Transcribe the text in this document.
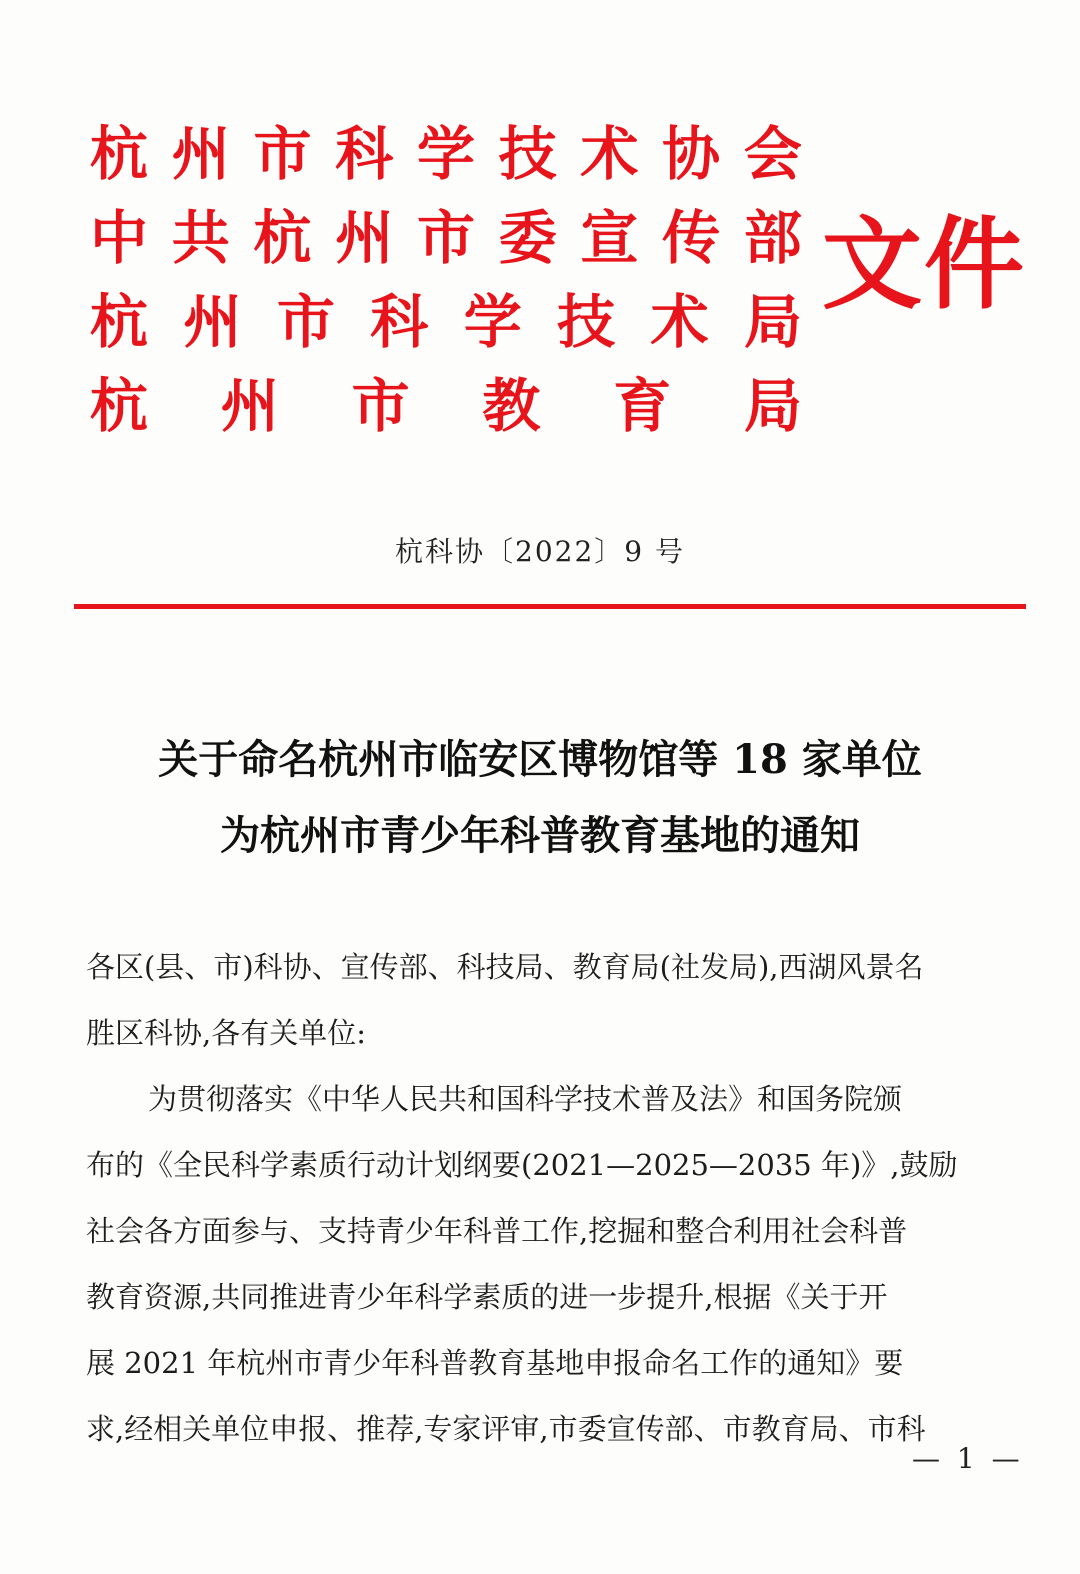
杭 州 市 科 学 技 术 协 会
中 共 杭 州 市 委 宣 传 部
杭 州 市 科 学 技 术 局
杭 州 市 教 育 局
文件
杭科协〔2022〕9 号
关于命名杭州市临安区博物馆等 18 家单位
为杭州市青少年科普教育基地的通知
各区(县、市)科协、宣传部、科技局、教育局(社发局),西湖风景名
胜区科协,各有关单位:
为贯彻落实《中华人民共和国科学技术普及法》和国务院颁
布的《全民科学素质行动计划纲要(2021—2025—2035 年)》,鼓励
社会各方面参与、支持青少年科普工作,挖掘和整合利用社会科普
教育资源,共同推进青少年科学素质的进一步提升,根据《关于开
展 2021 年杭州市青少年科普教育基地申报命名工作的通知》要
求,经相关单位申报、推荐,专家评审,市委宣传部、市教育局、市科
— 1 —
